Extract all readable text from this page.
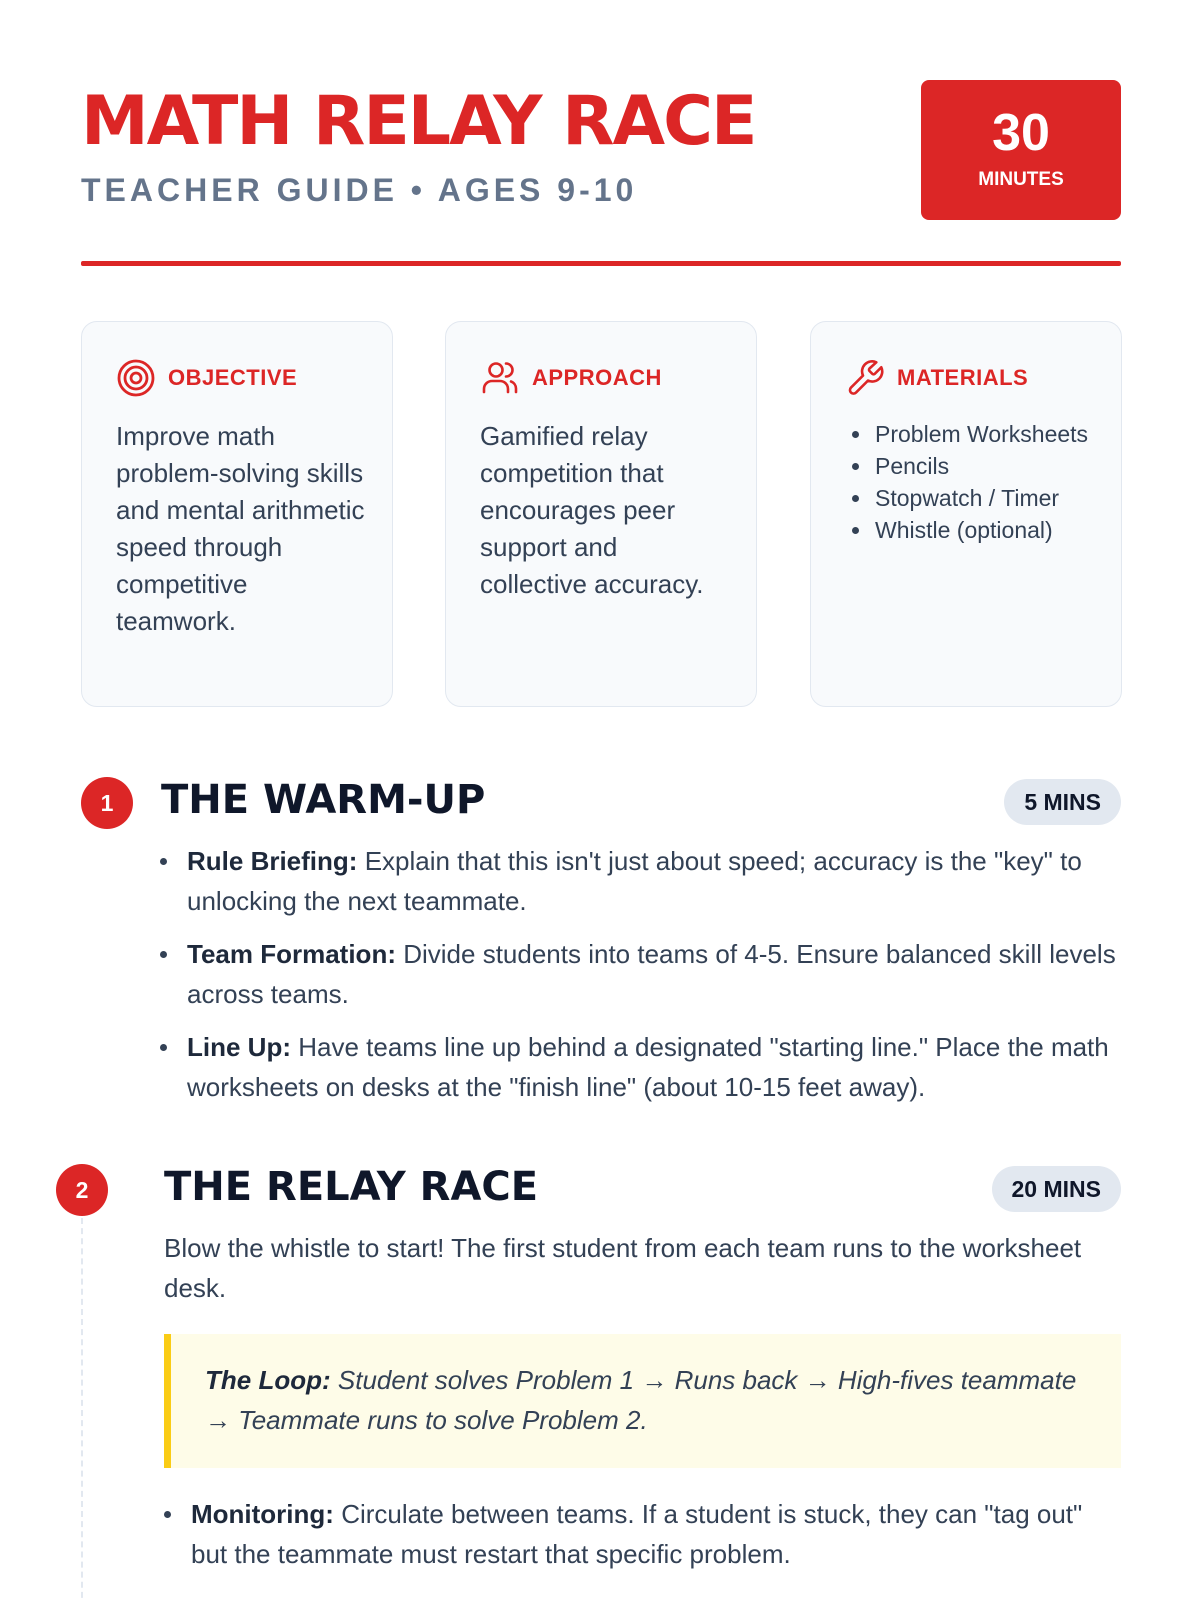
MATH RELAY RACE
TEACHER GUIDE • AGES 9-10
30
MINUTES
OBJECTIVE
Improve math problem-solving skills and mental arithmetic speed through competitive teamwork.
APPROACH
Gamified relay competition that encourages peer support and collective accuracy.
MATERIALS
Problem Worksheets
Pencils
Stopwatch / Timer
Whistle (optional)
1	THE WARM-UP	5 MINS
Rule Briefing: Explain that this isn't just about speed; accuracy is the "key" to unlocking the next teammate.
Team Formation: Divide students into teams of 4-5. Ensure balanced skill levels across teams.
Line Up: Have teams line up behind a designated "starting line." Place the math worksheets on desks at the "finish line" (about 10-15 feet away).
2	THE RELAY RACE	20 MINS
Blow the whistle to start! The first student from each team runs to the worksheet desk.
The Loop: Student solves Problem 1 → Runs back → High-fives teammate → Teammate runs to solve Problem 2.
Monitoring: Circulate between teams. If a student is stuck, they can "tag out" but the teammate must restart that specific problem.
